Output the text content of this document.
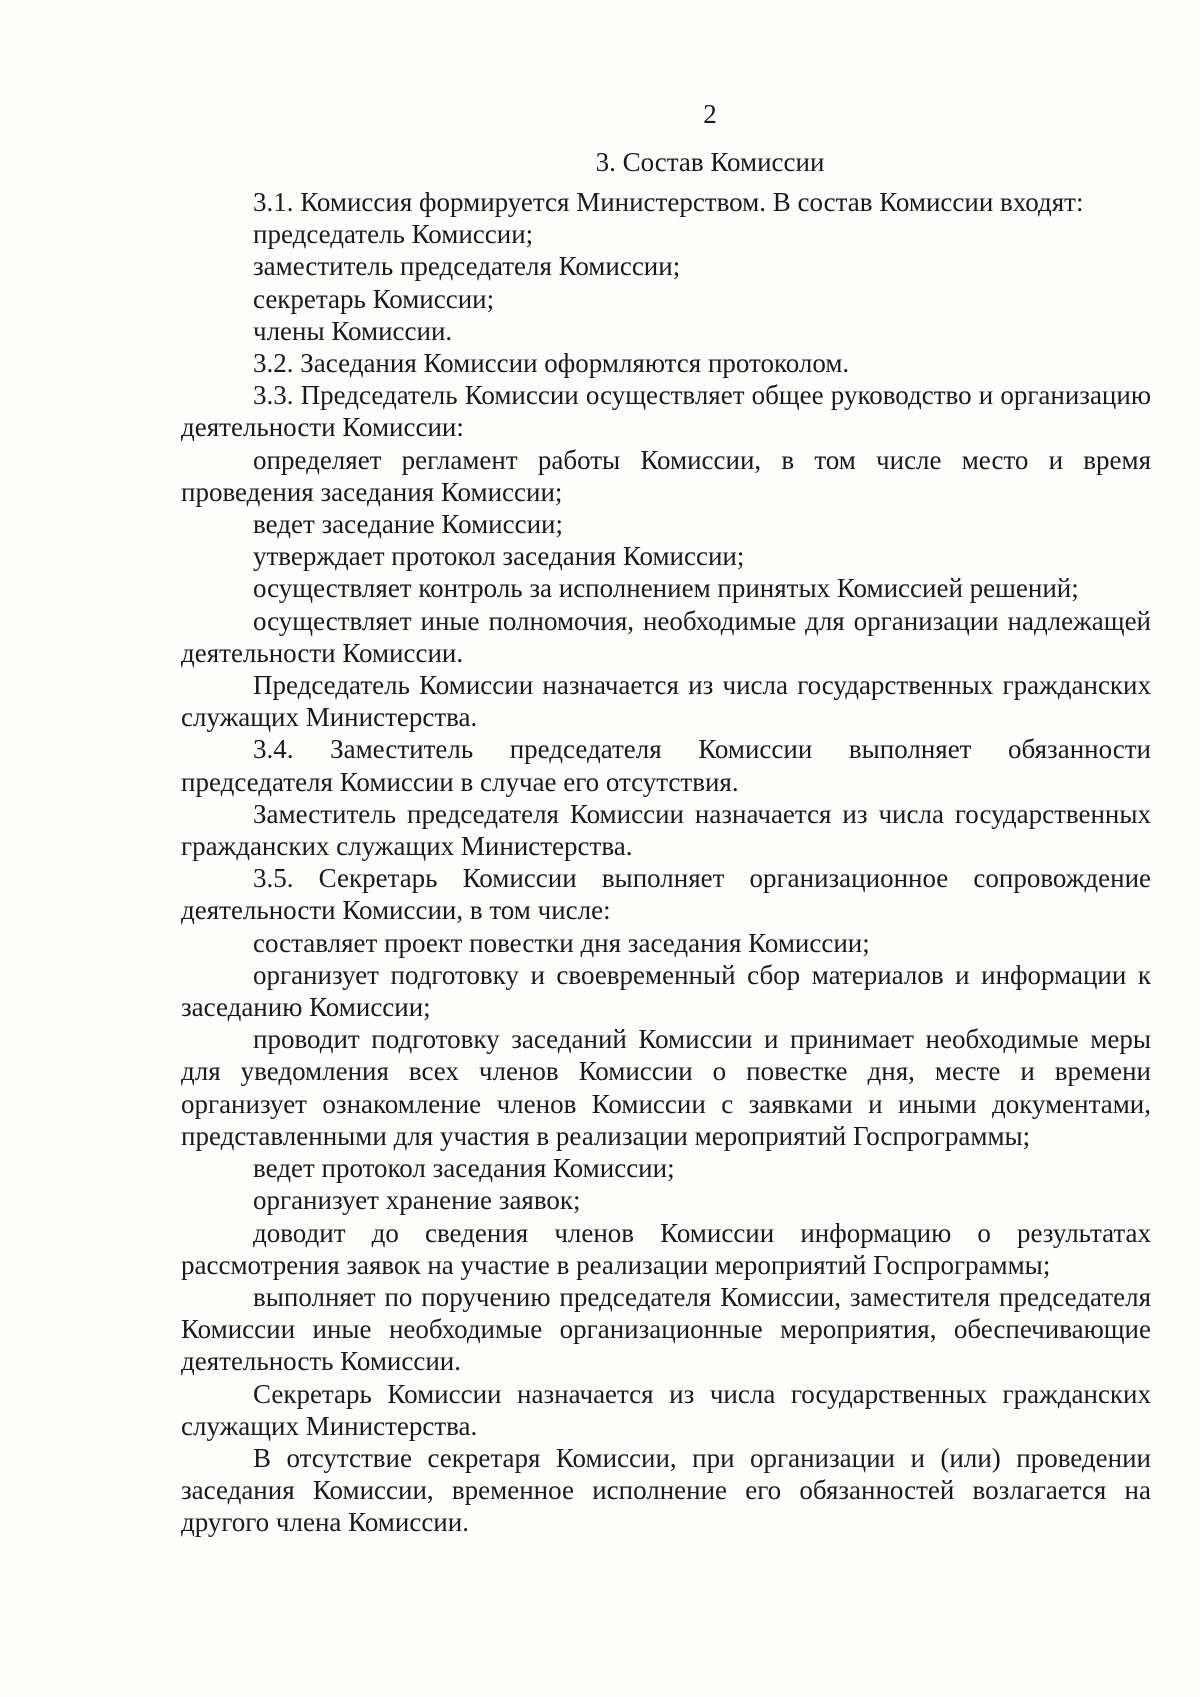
2
3. Состав Комиссии

3.1. Комиссия формируется Министерством. В состав Комиссии входят:

председатель Комиссии;

заместитель председателя Комиссии;

секретарь Комиссии;

члены Комиссии.

3.2. Заседания Комиссии оформляются протоколом.

3.3. Председатель Комиссии осуществляет общее руководство и организацию деятельности Комиссии:

определяет регламент работы Комиссии, в том числе место и время проведения заседания Комиссии;

ведет заседание Комиссии;

утверждает протокол заседания Комиссии;

осуществляет контроль за исполнением принятых Комиссией решений;

осуществляет иные полномочия, необходимые для организации надлежащей деятельности Комиссии.

Председатель Комиссии назначается из числа государственных гражданских служащих Министерства.

3.4. Заместитель председателя Комиссии выполняет обязанности председателя Комиссии в случае его отсутствия.

Заместитель председателя Комиссии назначается из числа государственных гражданских служащих Министерства.

3.5. Секретарь Комиссии выполняет организационное сопровождение деятельности Комиссии, в том числе:

составляет проект повестки дня заседания Комиссии;

организует подготовку и своевременный сбор материалов и информации к заседанию Комиссии;

проводит подготовку заседаний Комиссии и принимает необходимые меры для уведомления всех членов Комиссии о повестке дня, месте и времени организует ознакомление членов Комиссии с заявками и иными документами, представленными для участия в реализации мероприятий Госпрограммы;

ведет протокол заседания Комиссии;

организует хранение заявок;

доводит до сведения членов Комиссии информацию о результатах рассмотрения заявок на участие в реализации мероприятий Госпрограммы;

выполняет по поручению председателя Комиссии, заместителя председателя Комиссии иные необходимые организационные мероприятия, обеспечивающие деятельность Комиссии.

Секретарь Комиссии назначается из числа государственных гражданских служащих Министерства.

В отсутствие секретаря Комиссии, при организации и (или) проведении заседания Комиссии, временное исполнение его обязанностей возлагается на другого члена Комиссии.
